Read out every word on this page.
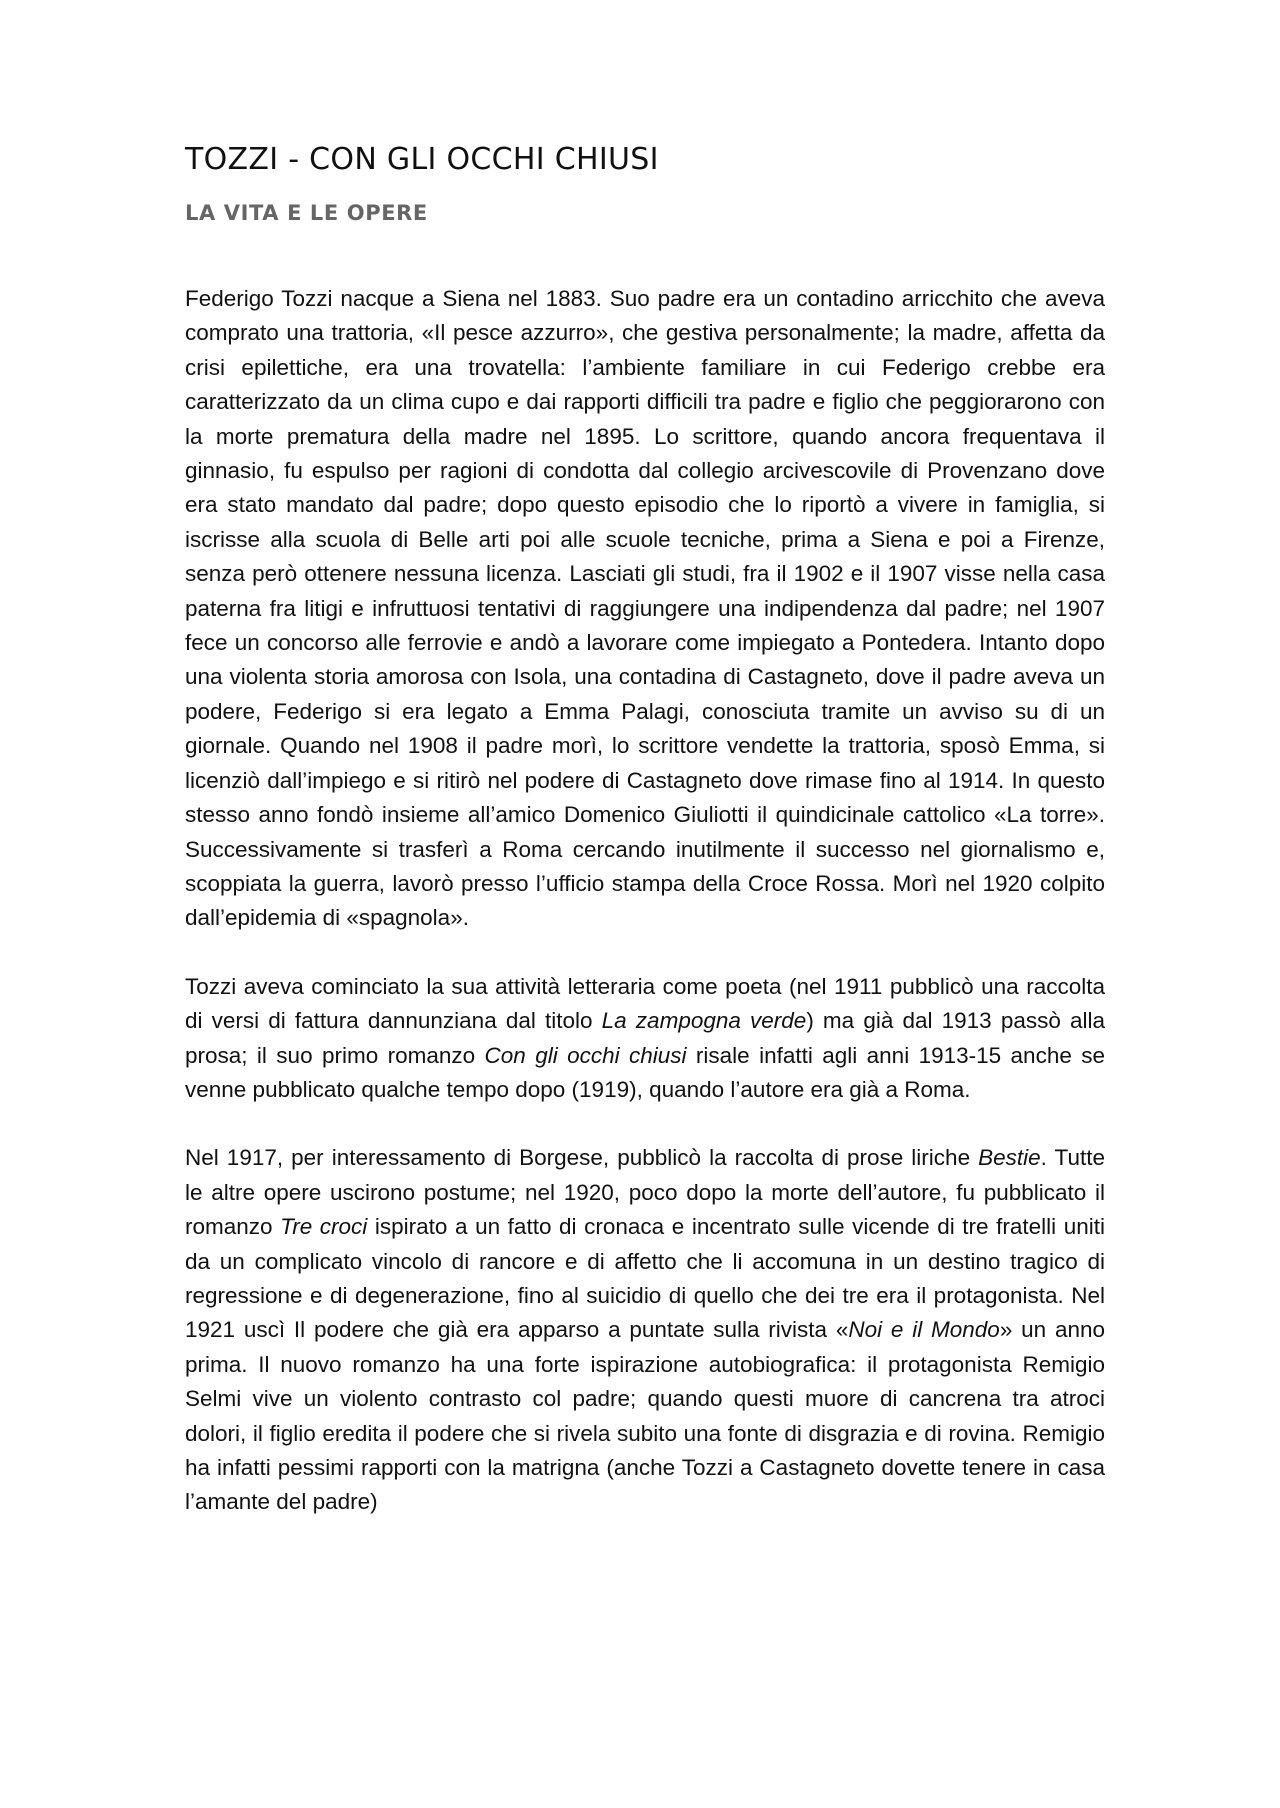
TOZZI - CON GLI OCCHI CHIUSI
LA VITA E LE OPERE

Federigo Tozzi nacque a Siena nel 1883. Suo padre era un contadino arricchito che aveva comprato una trattoria, «Il pesce azzurro», che gestiva personalmente; la madre, affetta da crisi epilettiche, era una trovatella: l’ambiente familiare in cui Federigo crebbe era caratterizzato da un clima cupo e dai rapporti difficili tra padre e figlio che peggiorarono con la morte prematura della madre nel 1895. Lo scrittore, quando ancora frequentava il ginnasio, fu espulso per ragioni di condotta dal collegio arcivescovile di Provenzano dove era stato mandato dal padre; dopo questo episodio che lo riportò a vivere in famiglia, si iscrisse alla scuola di Belle arti poi alle scuole tecniche, prima a Siena e poi a Firenze, senza però ottenere nessuna licenza. Lasciati gli studi, fra il 1902 e il 1907 visse nella casa paterna fra litigi e infruttuosi tentativi di raggiungere una indipendenza dal padre; nel 1907 fece un concorso alle ferrovie e andò a lavorare come impiegato a Pontedera. Intanto dopo una violenta storia amorosa con Isola, una contadina di Castagneto, dove il padre aveva un podere, Federigo si era legato a Emma Palagi, conosciuta tramite un avviso su di un giornale. Quando nel 1908 il padre morì, lo scrittore vendette la trattoria, sposò Emma, si licenziò dall’impiego e si ritirò nel podere di Castagneto dove rimase fino al 1914. In questo stesso anno fondò insieme all’amico Domenico Giuliotti il quindicinale cattolico «La torre». Successivamente si trasferì a Roma cercando inutilmente il successo nel giornalismo e, scoppiata la guerra, lavorò presso l’ufficio stampa della Croce Rossa. Morì nel 1920 colpito dall’epidemia di «spagnola».

Tozzi aveva cominciato la sua attività letteraria come poeta (nel 1911 pubblicò una raccolta di versi di fattura dannunziana dal titolo La zampogna verde) ma già dal 1913 passò alla prosa; il suo primo romanzo Con gli occhi chiusi risale infatti agli anni 1913-15 anche se venne pubblicato qualche tempo dopo (1919), quando l’autore era già a Roma.

Nel 1917, per interessamento di Borgese, pubblicò la raccolta di prose liriche Bestie. Tutte le altre opere uscirono postume; nel 1920, poco dopo la morte dell’autore, fu pubblicato il romanzo Tre croci ispirato a un fatto di cronaca e incentrato sulle vicende di tre fratelli uniti da un complicato vincolo di rancore e di affetto che li accomuna in un destino tragico di regressione e di degenerazione, fino al suicidio di quello che dei tre era il protagonista. Nel 1921 uscì Il podere che già era apparso a puntate sulla rivista «Noi e il Mondo» un anno prima. Il nuovo romanzo ha una forte ispirazione autobiografica: il protagonista Remigio Selmi vive un violento contrasto col padre; quando questi muore di cancrena tra atroci dolori, il figlio eredita il podere che si rivela subito una fonte di disgrazia e di rovina. Remigio ha infatti pessimi rapporti con la matrigna (anche Tozzi a Castagneto dovette tenere in casa l’amante del padre)
